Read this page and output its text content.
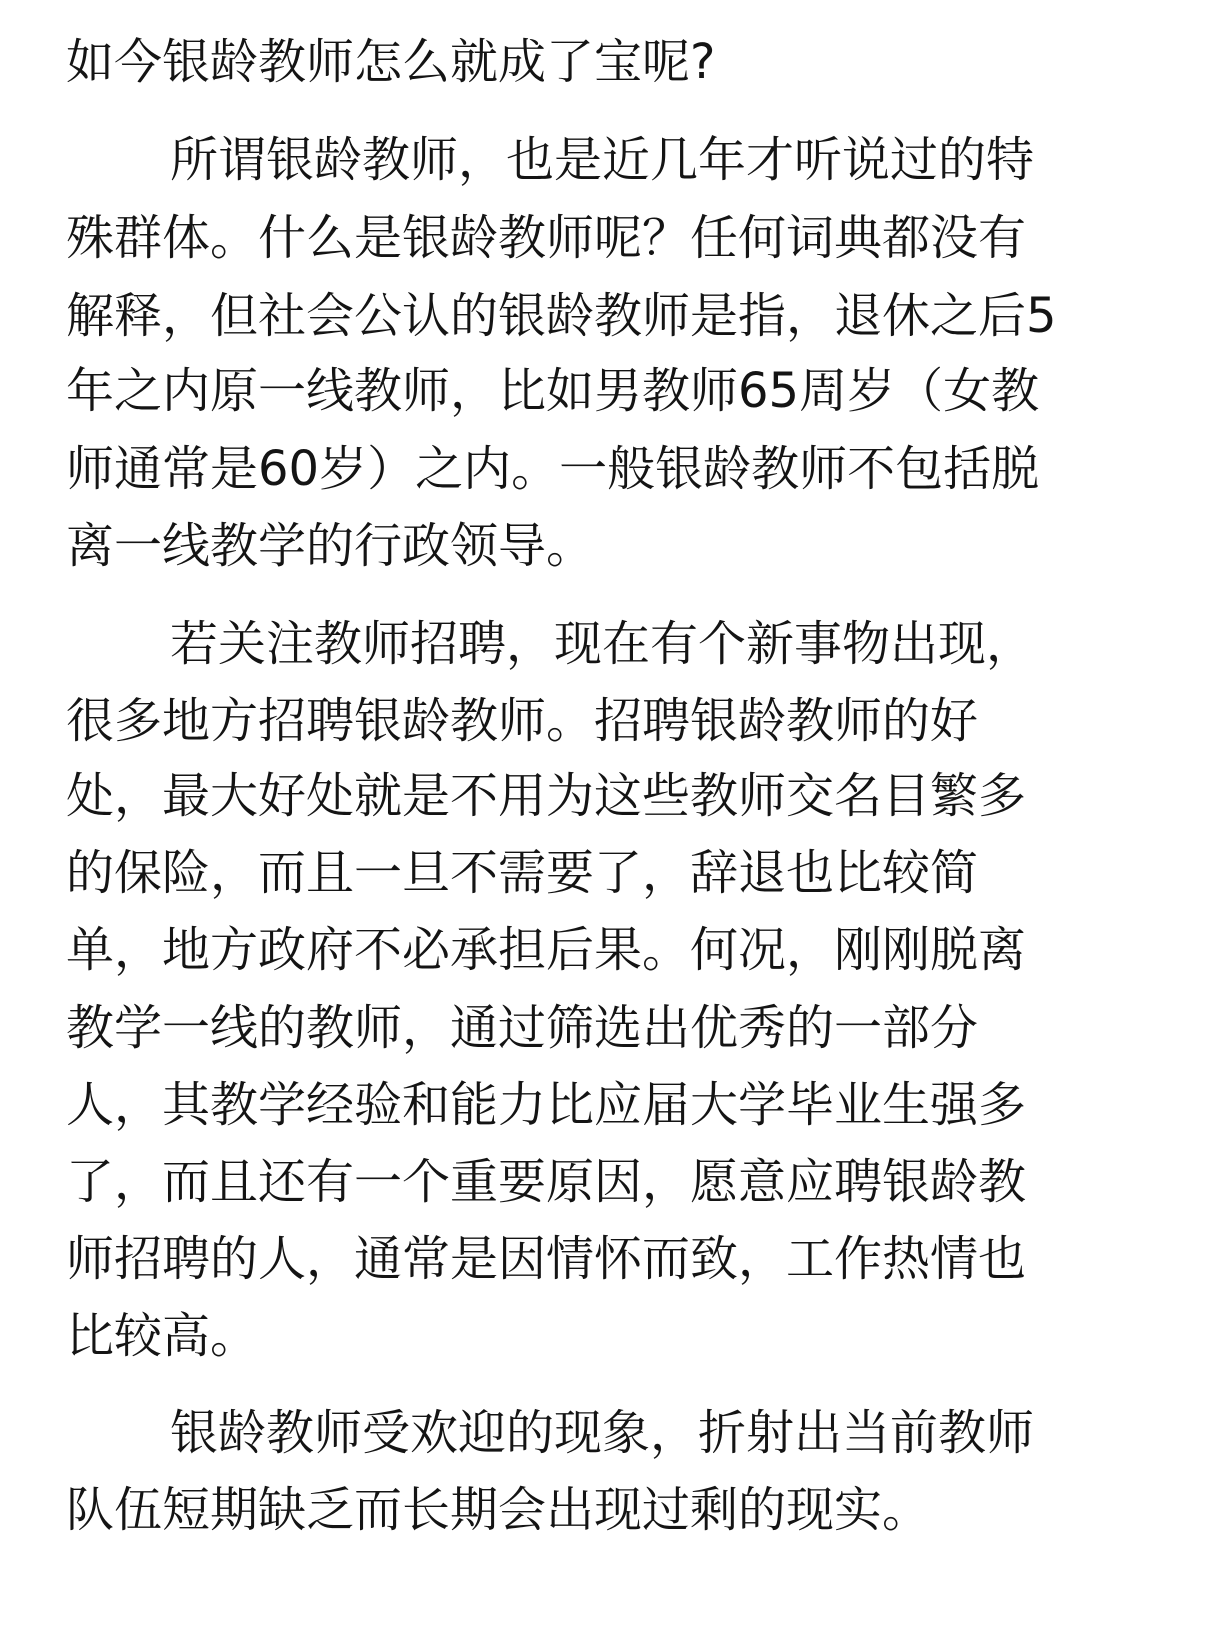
如今银龄教师怎么就成了宝呢?

所谓银龄教师，也是近几年才听说过的特

殊群体。什么是银龄教师呢？任何词典都没有

解释，但社会公认的银龄教师是指，退休之后5

年之内原一线教师，比如男教师65周岁（女教

师通常是60岁）之内。一般银龄教师不包括脱

离一线教学的行政领导。

若关注教师招聘，现在有个新事物出现，

很多地方招聘银龄教师。招聘银龄教师的好

处，最大好处就是不用为这些教师交名目繁多

的保险，而且一旦不需要了，辞退也比较简

单，地方政府不必承担后果。何况，刚刚脱离

教学一线的教师，通过筛选出优秀的一部分

人，其教学经验和能力比应届大学毕业生强多

了，而且还有一个重要原因，愿意应聘银龄教

师招聘的人，通常是因情怀而致，工作热情也

比较高。

银龄教师受欢迎的现象，折射出当前教师

队伍短期缺乏而长期会出现过剩的现实。
